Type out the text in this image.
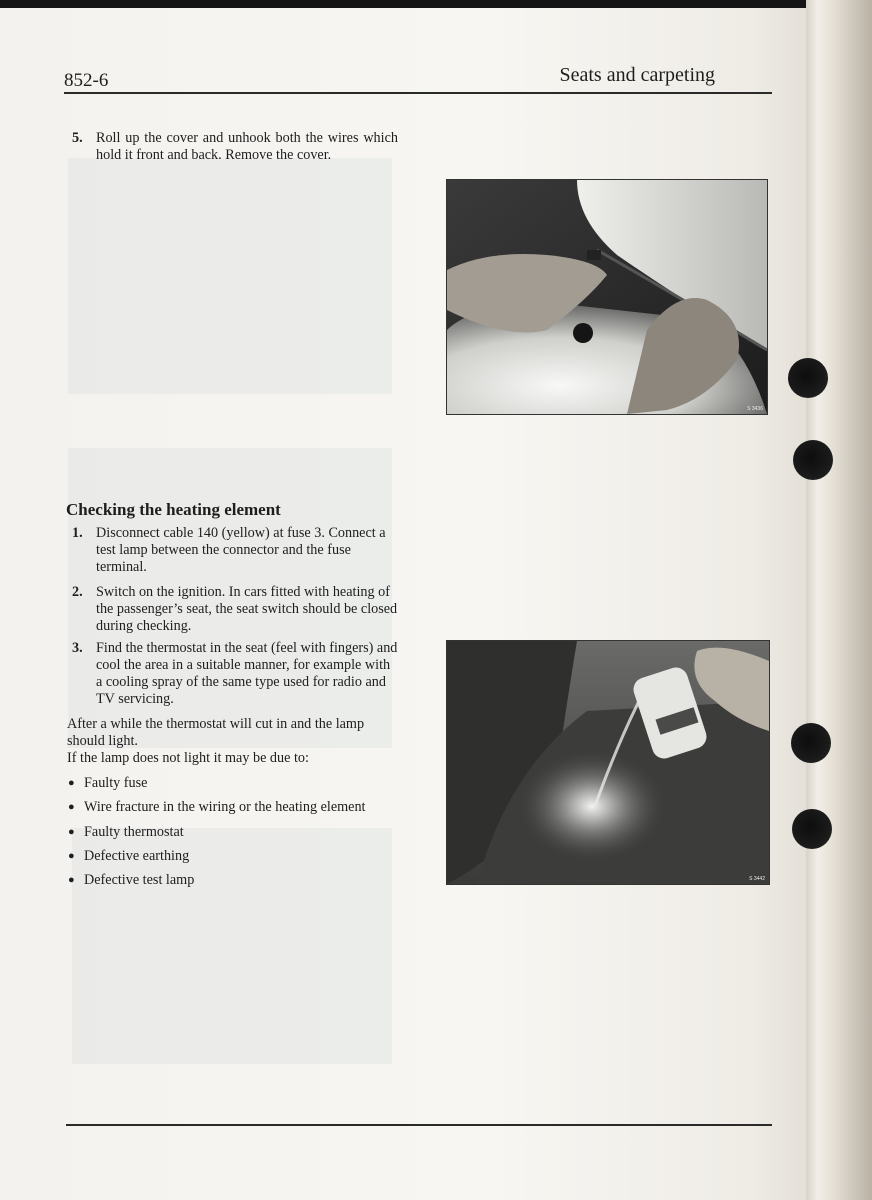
852-6	Seats and carpeting
5. Roll up the cover and unhook both the wires which hold it front and back. Remove the cover.
Checking the heating element
1. Disconnect cable 140 (yellow) at fuse 3. Connect a test lamp between the connector and the fuse terminal.
2. Switch on the ignition. In cars fitted with heating of the passenger’s seat, the seat switch should be closed during checking.
3. Find the thermostat in the seat (feel with fingers) and cool the area in a suitable manner, for example with a cooling spray of the same type used for radio and TV servicing.
After a while the thermostat will cut in and the lamp should light.
If the lamp does not light it may be due to:
● Faulty fuse
● Wire fracture in the wiring or the heating element
● Faulty thermostat
● Defective earthing
● Defective test lamp
S 3436
S 3442
